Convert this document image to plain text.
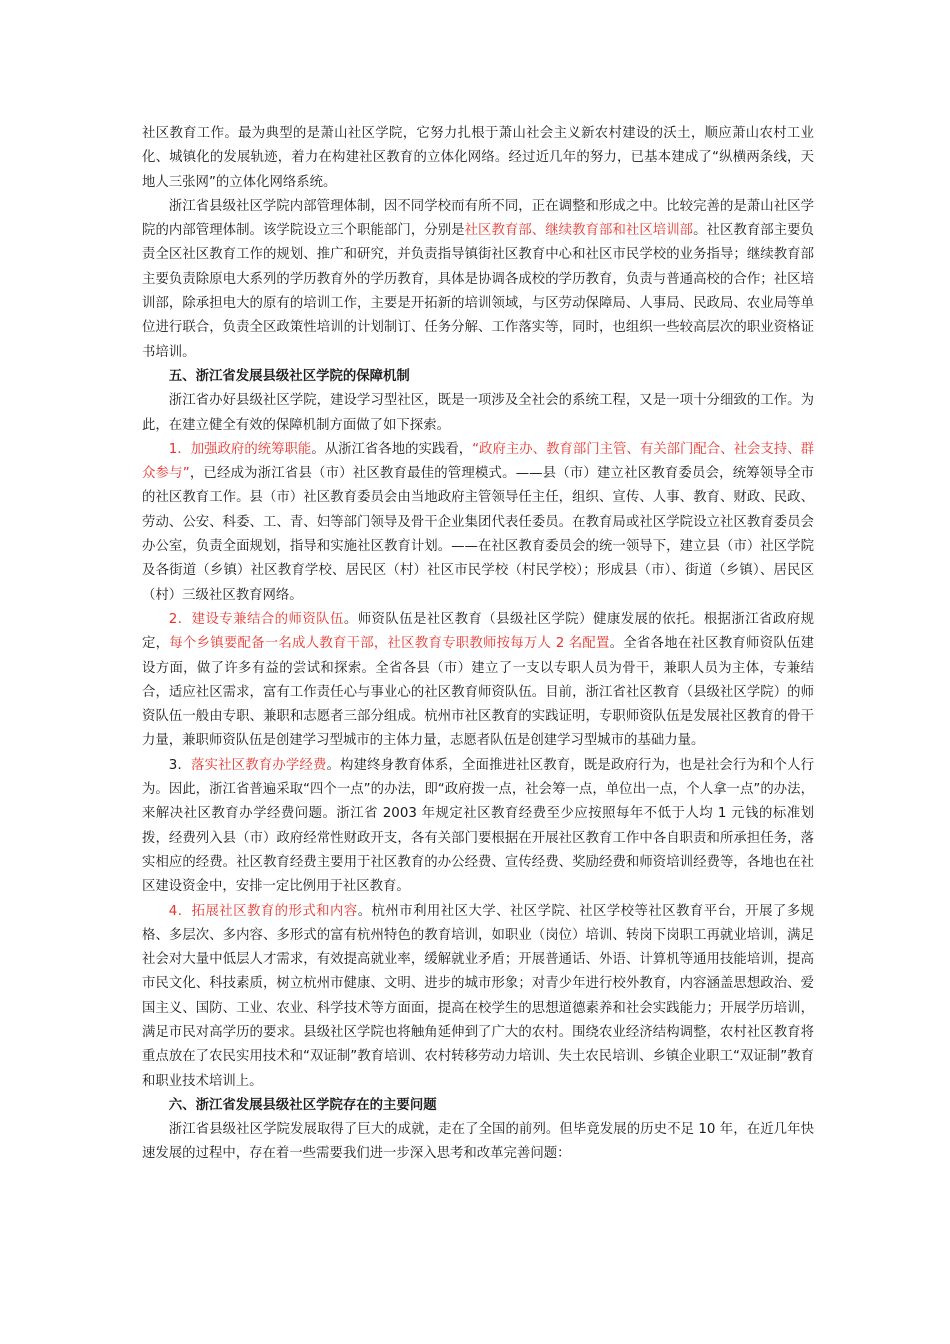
社区教育工作。最为典型的是萧山社区学院，它努力扎根于萧山社会主义新农村建设的沃土，顺应萧山农村工业化、城镇化的发展轨迹，着力在构建社区教育的立体化网络。经过近几年的努力，已基本建成了“纵横两条线，天地人三张网”的立体化网络系统。

浙江省县级社区学院内部管理体制，因不同学校而有所不同，正在调整和形成之中。比较完善的是萧山社区学院的内部管理体制。该学院设立三个职能部门，分别是社区教育部、继续教育部和社区培训部。社区教育部主要负责全区社区教育工作的规划、推广和研究，并负责指导镇街社区教育中心和社区市民学校的业务指导；继续教育部主要负责除原电大系列的学历教育外的学历教育，具体是协调各成校的学历教育，负责与普通高校的合作；社区培训部，除承担电大的原有的培训工作，主要是开拓新的培训领域，与区劳动保障局、人事局、民政局、农业局等单位进行联合，负责全区政策性培训的计划制订、任务分解、工作落实等，同时，也组织一些较高层次的职业资格证书培训。

五、浙江省发展县级社区学院的保障机制

浙江省办好县级社区学院，建设学习型社区，既是一项涉及全社会的系统工程，又是一项十分细致的工作。为此，在建立健全有效的保障机制方面做了如下探索。

1．加强政府的统筹职能。从浙江省各地的实践看，“政府主办、教育部门主管、有关部门配合、社会支持、群众参与”，已经成为浙江省县（市）社区教育最佳的管理模式。——县（市）建立社区教育委员会，统筹领导全市的社区教育工作。县（市）社区教育委员会由当地政府主管领导任主任，组织、宣传、人事、教育、财政、民政、劳动、公安、科委、工、青、妇等部门领导及骨干企业集团代表任委员。在教育局或社区学院设立社区教育委员会办公室，负责全面规划，指导和实施社区教育计划。——在社区教育委员会的统一领导下，建立县（市）社区学院及各街道（乡镇）社区教育学校、居民区（村）社区市民学校（村民学校）；形成县（市）、街道（乡镇）、居民区（村）三级社区教育网络。

2．建设专兼结合的师资队伍。师资队伍是社区教育（县级社区学院）健康发展的依托。根据浙江省政府规定，每个乡镇要配备一名成人教育干部，社区教育专职教师按每万人 2 名配置。全省各地在社区教育师资队伍建设方面，做了许多有益的尝试和探索。全省各县（市）建立了一支以专职人员为骨干，兼职人员为主体，专兼结合，适应社区需求，富有工作责任心与事业心的社区教育师资队伍。目前，浙江省社区教育（县级社区学院）的师资队伍一般由专职、兼职和志愿者三部分组成。杭州市社区教育的实践证明，专职师资队伍是发展社区教育的骨干力量，兼职师资队伍是创建学习型城市的主体力量，志愿者队伍是创建学习型城市的基础力量。

3．落实社区教育办学经费。构建终身教育体系，全面推进社区教育，既是政府行为，也是社会行为和个人行为。因此，浙江省普遍采取“四个一点”的办法，即“政府拨一点，社会筹一点，单位出一点，个人拿一点”的办法，来解决社区教育办学经费问题。浙江省 2003 年规定社区教育经费至少应按照每年不低于人均 1 元钱的标准划拨，经费列入县（市）政府经常性财政开支，各有关部门要根据在开展社区教育工作中各自职责和所承担任务，落实相应的经费。社区教育经费主要用于社区教育的办公经费、宣传经费、奖励经费和师资培训经费等，各地也在社区建设资金中，安排一定比例用于社区教育。

4．拓展社区教育的形式和内容。杭州市利用社区大学、社区学院、社区学校等社区教育平台，开展了多规格、多层次、多内容、多形式的富有杭州特色的教育培训，如职业（岗位）培训、转岗下岗职工再就业培训，满足社会对大量中低层人才需求，有效提高就业率，缓解就业矛盾；开展普通话、外语、计算机等通用技能培训，提高市民文化、科技素质，树立杭州市健康、文明、进步的城市形象；对青少年进行校外教育，内容涵盖思想政治、爱国主义、国防、工业、农业、科学技术等方面面，提高在校学生的思想道德素养和社会实践能力；开展学历培训，满足市民对高学历的要求。县级社区学院也将触角延伸到了广大的农村。围绕农业经济结构调整，农村社区教育将重点放在了农民实用技术和“双证制”教育培训、农村转移劳动力培训、失土农民培训、乡镇企业职工“双证制”教育和职业技术培训上。

六、浙江省发展县级社区学院存在的主要问题

浙江省县级社区学院发展取得了巨大的成就，走在了全国的前列。但毕竟发展的历史不足 10 年，在近几年快速发展的过程中，存在着一些需要我们进一步深入思考和改革完善问题：
